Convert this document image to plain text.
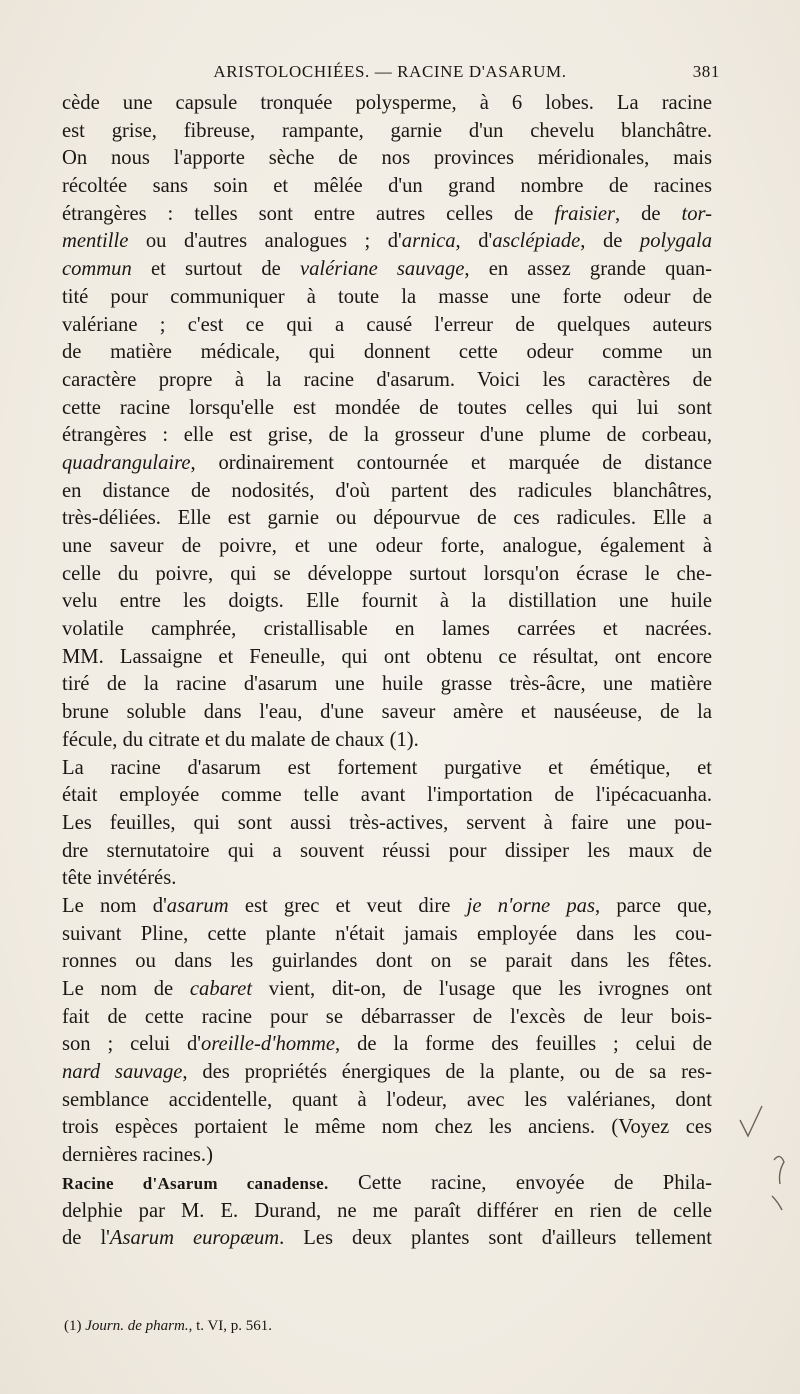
ARISTOLOCHIÉES. — RACINE D'ASARUM.	381
cède une capsule tronquée polysperme, à 6 lobes. La racine
est grise, fibreuse, rampante, garnie d'un chevelu blanchâtre.
On nous l'apporte sèche de nos provinces méridionales, mais
récoltée sans soin et mêlée d'un grand nombre de racines
étrangères : telles sont entre autres celles de fraisier, de tor-
mentille ou d'autres analogues ; d'arnica, d'asclépiade, de polygala
commun et surtout de valériane sauvage, en assez grande quan-
tité pour communiquer à toute la masse une forte odeur de
valériane ; c'est ce qui a causé l'erreur de quelques auteurs
de matière médicale, qui donnent cette odeur comme un
caractère propre à la racine d'asarum. Voici les caractères de
cette racine lorsqu'elle est mondée de toutes celles qui lui sont
étrangères : elle est grise, de la grosseur d'une plume de corbeau,
quadrangulaire, ordinairement contournée et marquée de distance
en distance de nodosités, d'où partent des radicules blanchâtres,
très-déliées. Elle est garnie ou dépourvue de ces radicules. Elle a
une saveur de poivre, et une odeur forte, analogue, également à
celle du poivre, qui se développe surtout lorsqu'on écrase le che-
velu entre les doigts. Elle fournit à la distillation une huile
volatile camphrée, cristallisable en lames carrées et nacrées.
MM. Lassaigne et Feneulle, qui ont obtenu ce résultat, ont encore
tiré de la racine d'asarum une huile grasse très-âcre, une matière
brune soluble dans l'eau, d'une saveur amère et nauséeuse, de la
fécule, du citrate et du malate de chaux (1).
La racine d'asarum est fortement purgative et émétique, et
était employée comme telle avant l'importation de l'ipécacuanha.
Les feuilles, qui sont aussi très-actives, servent à faire une pou-
dre sternutatoire qui a souvent réussi pour dissiper les maux de
tête invétérés.
Le nom d'asarum est grec et veut dire je n'orne pas, parce que,
suivant Pline, cette plante n'était jamais employée dans les cou-
ronnes ou dans les guirlandes dont on se parait dans les fêtes.
Le nom de cabaret vient, dit-on, de l'usage que les ivrognes ont
fait de cette racine pour se débarrasser de l'excès de leur bois-
son ; celui d'oreille-d'homme, de la forme des feuilles ; celui de
nard sauvage, des propriétés énergiques de la plante, ou de sa res-
semblance accidentelle, quant à l'odeur, avec les valérianes, dont
trois espèces portaient le même nom chez les anciens. (Voyez ces
dernières racines.)
Racine d'Asarum canadense. Cette racine, envoyée de Phila-
delphie par M. E. Durand, ne me paraît différer en rien de celle
de l'Asarum europæum. Les deux plantes sont d'ailleurs tellement
(1) Journ. de pharm., t. VI, p. 561.
